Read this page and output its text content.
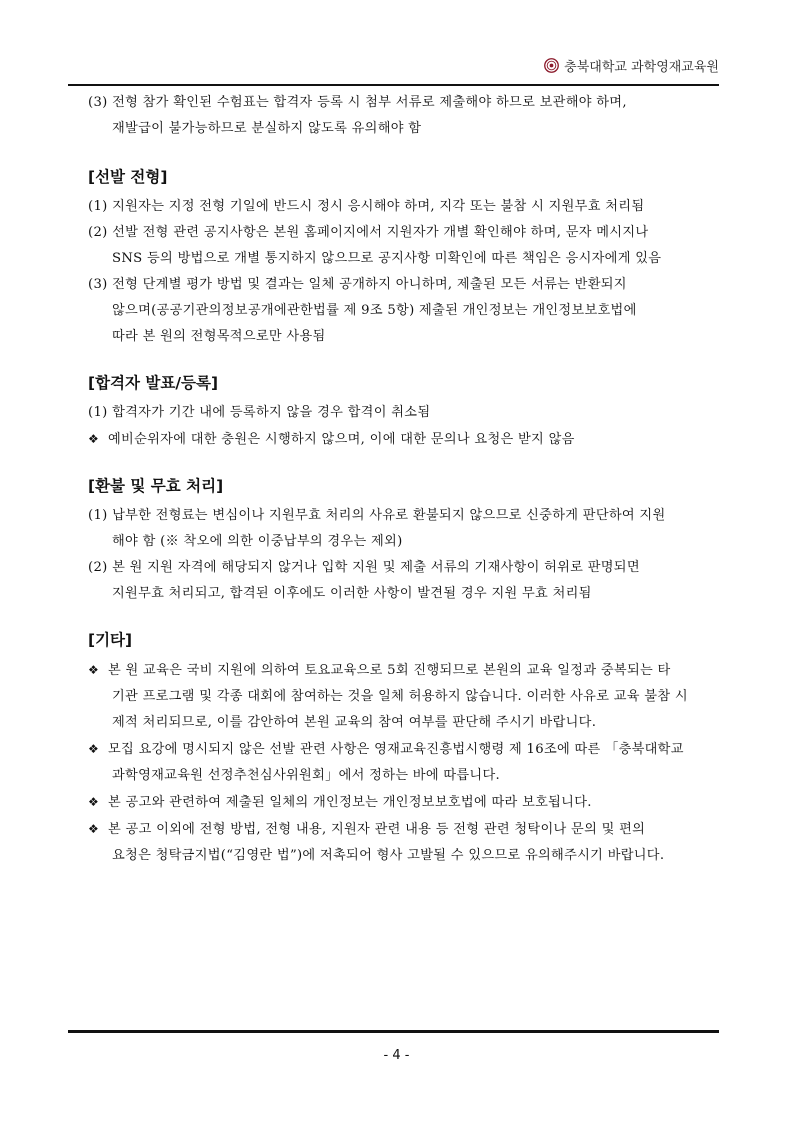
충북대학교 과학영재교육원
(3) 전형 참가 확인된 수험표는 합격자 등록 시 첨부 서류로 제출해야 하므로 보관해야 하며,
재발급이 불가능하므로 분실하지 않도록 유의해야 함
[선발 전형]
(1) 지원자는 지정 전형 기일에 반드시 정시 응시해야 하며, 지각 또는 불참 시 지원무효 처리됨
(2) 선발 전형 관련 공지사항은 본원 홈페이지에서 지원자가 개별 확인해야 하며, 문자 메시지나
SNS 등의 방법으로 개별 통지하지 않으므로 공지사항 미확인에 따른 책임은 응시자에게 있음
(3) 전형 단계별 평가 방법 및 결과는 일체 공개하지 아니하며, 제출된 모든 서류는 반환되지
않으며(공공기관의정보공개에관한법률 제 9조 5항) 제출된 개인정보는 개인정보보호법에
따라 본 원의 전형목적으로만 사용됨
[합격자 발표/등록]
(1) 합격자가 기간 내에 등록하지 않을 경우 합격이 취소됨
❖ 예비순위자에 대한 충원은 시행하지 않으며, 이에 대한 문의나 요청은 받지 않음
[환불 및 무효 처리]
(1) 납부한 전형료는 변심이나 지원무효 처리의 사유로 환불되지 않으므로 신중하게 판단하여 지원
해야 함 (※ 착오에 의한 이중납부의 경우는 제외)
(2) 본 원 지원 자격에 해당되지 않거나 입학 지원 및 제출 서류의 기재사항이 허위로 판명되면
지원무효 처리되고, 합격된 이후에도 이러한 사항이 발견될 경우 지원 무효 처리됨
[기타]
❖ 본 원 교육은 국비 지원에 의하여 토요교육으로 5회 진행되므로 본원의 교육 일정과 중복되는 타
기관 프로그램 및 각종 대회에 참여하는 것을 일체 허용하지 않습니다. 이러한 사유로 교육 불참 시
제적 처리되므로, 이를 감안하여 본원 교육의 참여 여부를 판단해 주시기 바랍니다.
❖ 모집 요강에 명시되지 않은 선발 관련 사항은 영재교육진흥법시행령 제 16조에 따른 「충북대학교
과학영재교육원 선정추천심사위원회」에서 정하는 바에 따릅니다.
❖ 본 공고와 관련하여 제출된 일체의 개인정보는 개인정보보호법에 따라 보호됩니다.
❖ 본 공고 이외에 전형 방법, 전형 내용, 지원자 관련 내용 등 전형 관련 청탁이나 문의 및 편의
요청은 청탁금지법(“김영란 법”)에 저촉되어 형사 고발될 수 있으므로 유의해주시기 바랍니다.
- 4 -
